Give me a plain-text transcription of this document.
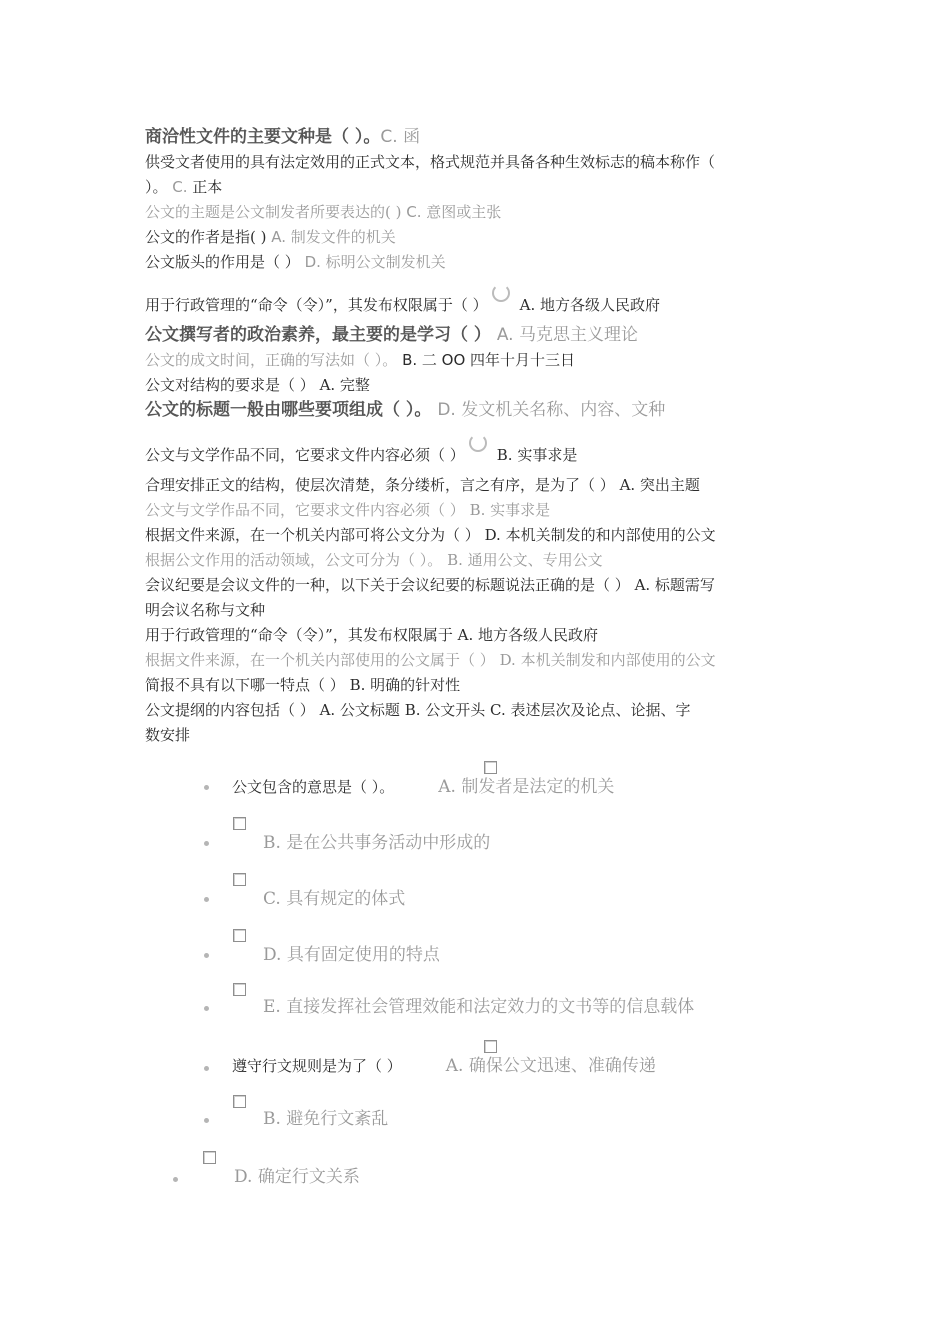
商洽性文件的主要文种是（ ）。C. 函
供受文者使用的具有法定效用的正式文本，格式规范并具备各种生效标志的稿本称作（
）。 C. 正本
公文的主题是公文制发者所要表达的( ) C. 意图或主张
公文的作者是指( ) A. 制发文件的机关
公文版头的作用是（ ） D. 标明公文制发机关
用于行政管理的“命令（令）”，其发布权限属于（ ） A. 地方各级人民政府
公文撰写者的政治素养，最主要的是学习（ ） A. 马克思主义理论
公文的成文时间，正确的写法如（ ）。 B. 二 OO 四年十月十三日
公文对结构的要求是（ ） A. 完整
公文的标题一般由哪些要项组成（ ）。 D. 发文机关名称、内容、文种
公文与文学作品不同，它要求文件内容必须（ ） B. 实事求是
合理安排正文的结构，使层次清楚，条分缕析，言之有序，是为了（ ） A. 突出主题
公文与文学作品不同，它要求文件内容必须（ ） B. 实事求是
根据文件来源，在一个机关内部可将公文分为（ ） D. 本机关制发的和内部使用的公文
根据公文作用的活动领域，公文可分为（ ）。 B. 通用公文、专用公文
会议纪要是会议文件的一种，以下关于会议纪要的标题说法正确的是（ ） A. 标题需写
明会议名称与文种
用于行政管理的“命令（令）”，其发布权限属于 A. 地方各级人民政府
根据文件来源，在一个机关内部使用的公文属于（ ） D. 本机关制发和内部使用的公文
简报不具有以下哪一特点（ ） B. 明确的针对性
公文提纲的内容包括（ ） A. 公文标题 B. 公文开头 C. 表述层次及论点、论据、字
数安排
公文包含的意思是（ ）。	A. 制发者是法定的机关
B. 是在公共事务活动中形成的
C. 具有规定的体式
D. 具有固定使用的特点
E. 直接发挥社会管理效能和法定效力的文书等的信息载体
遵守行文规则是为了（ ）	A. 确保公文迅速、准确传递
B. 避免行文紊乱
D. 确定行文关系
